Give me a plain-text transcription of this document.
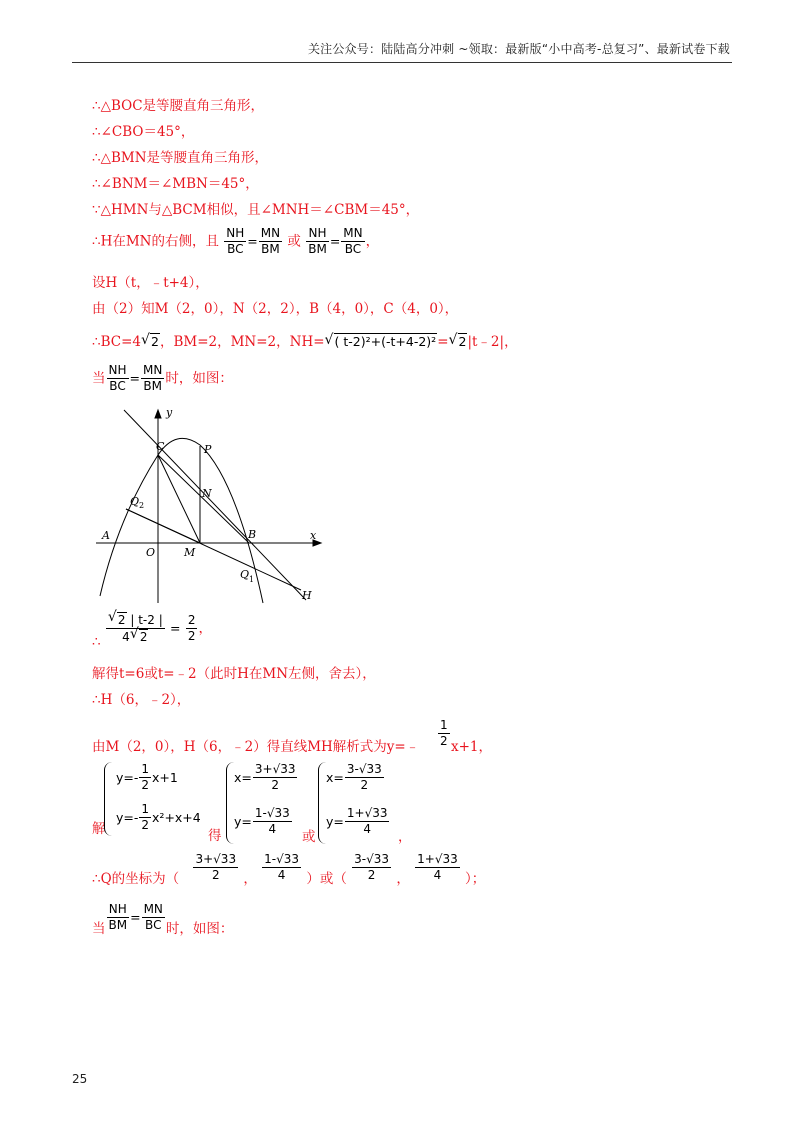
关注公众号：陆陆高分冲刺 ~领取：最新版“小中高考-总复习”、最新试卷下载
∴△BOC是等腰直角三角形，
∴∠CBO＝45°，
∴△BMN是等腰直角三角形，
∴∠BNM＝∠MBN＝45°，
∵△HMN与△BCM相似，且∠MNH＝∠CBM＝45°，
∴H在MN的右侧，且 $\frac{NH}{BC} = \frac{MN}{BM}$ 或 $\frac{NH}{BM} = \frac{MN}{BC}$ ，
设H（t，﹣t+4），
由（2）知M（2，0），N（2，2），B（4，0），C（4，0），
∴BC=4 √ 2，BM=2，MN=2，NH= √ ( t-2)²+(-t+4-2)²= √ 2|t﹣2|，
当 $\frac{NH}{BC} = \frac{MN}{BM}$ 时，如图：
y
x
C	P
N
Q 2
A
O	M
B
Q 1
H
∴ $\frac{√ 2 | t-2 |}{4 √ 2} = \frac{2}{2}$ ，
解得t=6或t=﹣2（此时H在MN左侧，舍去），
∴H（6，﹣2），
由M（2，0），H（6，﹣2）得直线MH解析式为y=﹣ $\frac{1}{2} x+1$，
解
$y=- \frac{1}{2} x+1$
$y=- \frac{1}{2} x^2+x+4$
得
$x= \frac{3+√33}{2}$
$y= \frac{1-√33}{4}$ 或
$x= \frac{3-√33}{2}$
$y= \frac{1+√33}{4}$ ，
∴Q的坐标为（ $\frac{3+√33}{2}$ ， $\frac{1-√33}{4}$ ）或（ $\frac{3-√33}{2}$ ， $\frac{1+√33}{4}$ ）；
当 $\frac{NH}{BM} = \frac{MN}{BC}$ 时，如图：
25
